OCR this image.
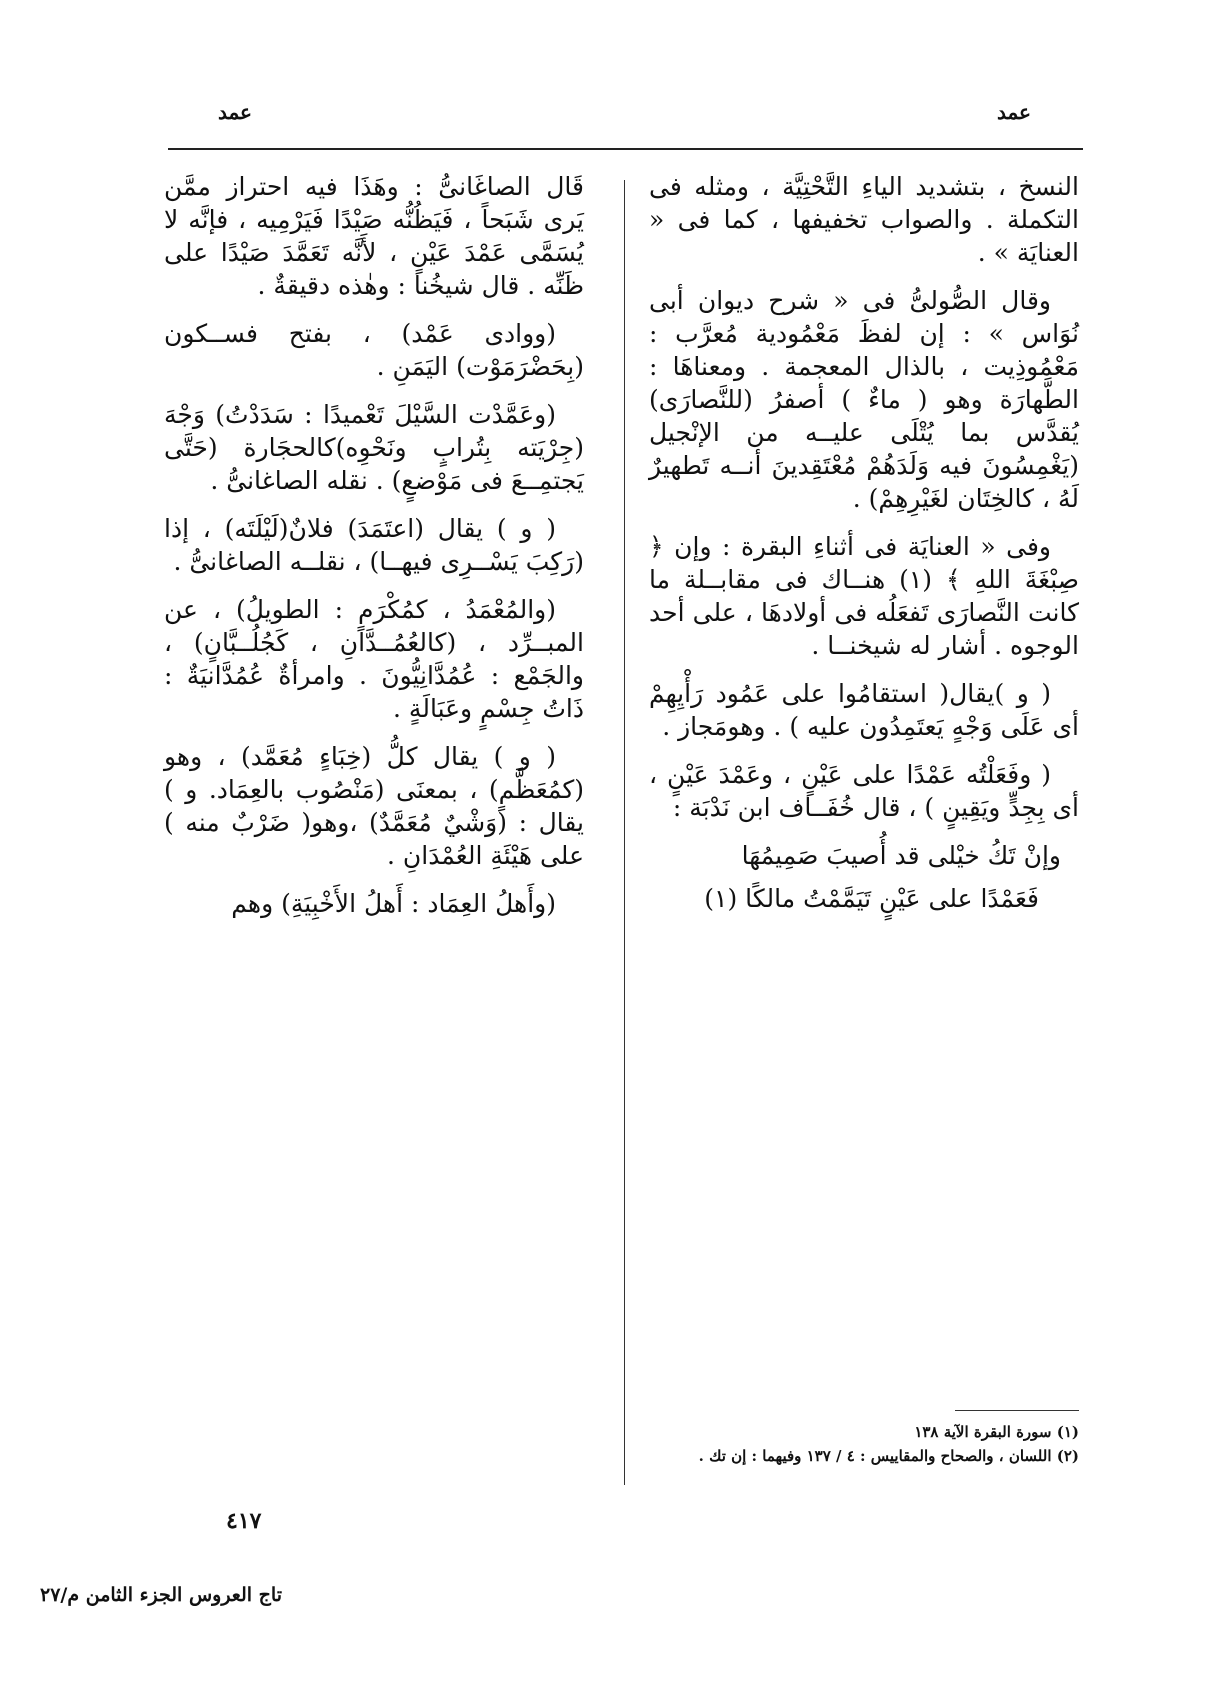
عمد
عمد

النسخ ، بتشديد الياءِ التَّحْتِيَّة ، ومثله فى التكملة . والصواب تخفيفها ، كما فى « العنايَة » .

وقال الصُّولىُّ فى « شرح ديوان أبى نُوَاس » : إن لفظَ مَعْمُودية مُعرَّب : مَعْمُوذِيت ، بالذال المعجمة . ومعناهَا : الطَّهارَة وهو ( ماءٌ ) أصفرُ (للنَّصارَى) يُقدَّس بما يُتْلَى عليــه من الإنْجيل (يَغْمِسُونَ فيه وَلَدَهُمْ مُعْتَقِدينَ أنــه تَطهيرٌ لَهُ ، كالخِتَان لغَيْرِهِمْ) .

وفى « العنايَة فى أثناءِ البقرة : وإن ﴿ صِبْغَةَ اللهِ ﴾ (١) هنــاك فى مقابــلة ما كانت النَّصارَى تَفعَلُه فى أولادهَا ، على أحد الوجوه . أشار له شيخنــا .

( و )يقال( استقامُوا على عَمُود رَأْيِهِمْ أى عَلَى وَجْهٍ يَعتَمِدُون عليه ) . وهومَجاز .

( وفَعَلْتُه عَمْدًا على عَيْنٍ ، وعَمْدَ عَيْنٍ ، أى بِجِدٍّ ويَقِينٍ ) ، قال خُفَــاف ابن نَدْبَة :

وإنْ تَكُ خيْلى قد أُصيبَ صَمِيمُهَا

فَعَمْدًا على عَيْنٍ تَيَمَّمْتُ مالكًا (١)

قَال الصاغَانىُّ : وهَذَا فيه احتراز ممَّن يَرى شَبَحاً ، فَيَظُنُّه صَيْدًا فَيَرْمِيه ، فإنَّه لا يُسَمَّى عَمْدَ عَيْنٍ ، لأَنَّه تَعَمَّدَ صَيْدًا على ظَنِّه . قال شيخُنا : وهٰذه دقيقةٌ .

(ووادى عَمْد) ، بفتح فســكون (بِحَضْرَمَوْت) اليَمَنِ .

(وعَمَّدْت السَّيْلَ تَعْميدًا : سَدَدْتُ) وَجْهَ (جِرْيَته بِتُرابٍ ونَحْوِه)كالحجَارة (حَتَّى يَجتمِــعَ فى مَوْضعٍ) . نقله الصاغانىُّ .

( و ) يقال (اعتَمَدَ) فلانٌ(لَيْلَتَه) ، إذا (رَكِبَ يَسْــرِى فيهــا) ، نقلــه الصاغانىُّ .

(والمُعْمَدُ ، كمُكْرَمٍ : الطويلُ) ، عن المبــرِّد ، (كالعُمُــدَّانِ ، كَجُلُــبَّانٍ) ، والجَمْع : عُمُدَّانِيُّونَ . وامرأةٌ عُمُدَّانيَةٌ : ذَاتُ جِسْمٍ وعَبَالَةٍ .

( و ) يقال كلُّ (خِبَاءٍ مُعَمَّد) ، وهو (كمُعَظَّمٍ) ، بمعنَى (مَنْصُوب بالعِمَاد. و ) يقال : (وَشْيٌ مُعَمَّدٌ) ،وهو( ضَرْبٌ منه ) على هَيْئَةِ العُمْدَانِ .

(وأَهلُ العِمَاد : أَهلُ الأَخْبِيَةِ) وهم

(١) سورة البقرة الآية ١٣٨
(٢) اللسان ، والصحاح والمقاييس : ٤ / ١٣٧ وفيهما : إن تك .
٤١٧
تاج العروس الجزء الثامن م/٢٧
